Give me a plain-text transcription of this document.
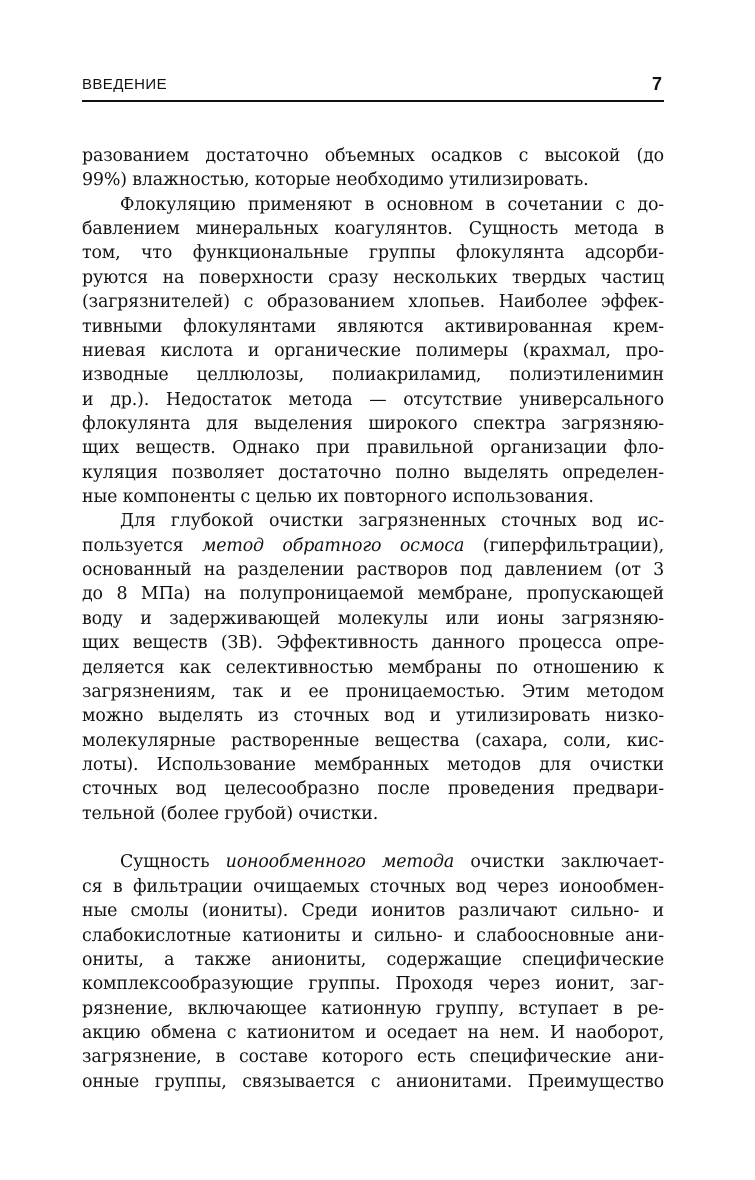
ВВЕДЕНИЕ	7
разованием достаточно объемных осадков с высокой (до
99%) влажностью, которые необходимо утилизировать.
Флокуляцию применяют в основном в сочетании с до-
бавлением минеральных коагулянтов. Сущность метода в
том, что функциональные группы флокулянта адсорби-
руются на поверхности сразу нескольких твердых частиц
(загрязнителей) с образованием хлопьев. Наиболее эффек-
тивными флокулянтами являются активированная крем-
ниевая кислота и органические полимеры (крахмал, про-
изводные целлюлозы, полиакриламид, полиэтиленимин
и др.). Недостаток метода — отсутствие универсального
флокулянта для выделения широкого спектра загрязняю-
щих веществ. Однако при правильной организации фло-
куляция позволяет достаточно полно выделять определен-
ные компоненты с целью их повторного использования.
Для глубокой очистки загрязненных сточных вод ис-
пользуется метод обратного осмоса (гиперфильтрации),
основанный на разделении растворов под давлением (от 3
до 8 МПа) на полупроницаемой мембране, пропускающей
воду и задерживающей молекулы или ионы загрязняю-
щих веществ (ЗВ). Эффективность данного процесса опре-
деляется как селективностью мембраны по отношению к
загрязнениям, так и ее проницаемостью. Этим методом
можно выделять из сточных вод и утилизировать низко-
молекулярные растворенные вещества (сахара, соли, кис-
лоты). Использование мембранных методов для очистки
сточных вод целесообразно после проведения предвари-
тельной (более грубой) очистки.
Сущность ионообменного метода очистки заключает-
ся в фильтрации очищаемых сточных вод через ионообмен-
ные смолы (иониты). Среди ионитов различают сильно- и
слабокислотные катиониты и сильно- и слабоосновные ани-
ониты, а также аниониты, содержащие специфические
комплексообразующие группы. Проходя через ионит, заг-
рязнение, включающее катионную группу, вступает в ре-
акцию обмена с катионитом и оседает на нем. И наоборот,
загрязнение, в составе которого есть специфические ани-
онные группы, связывается с анионитами. Преимущество
